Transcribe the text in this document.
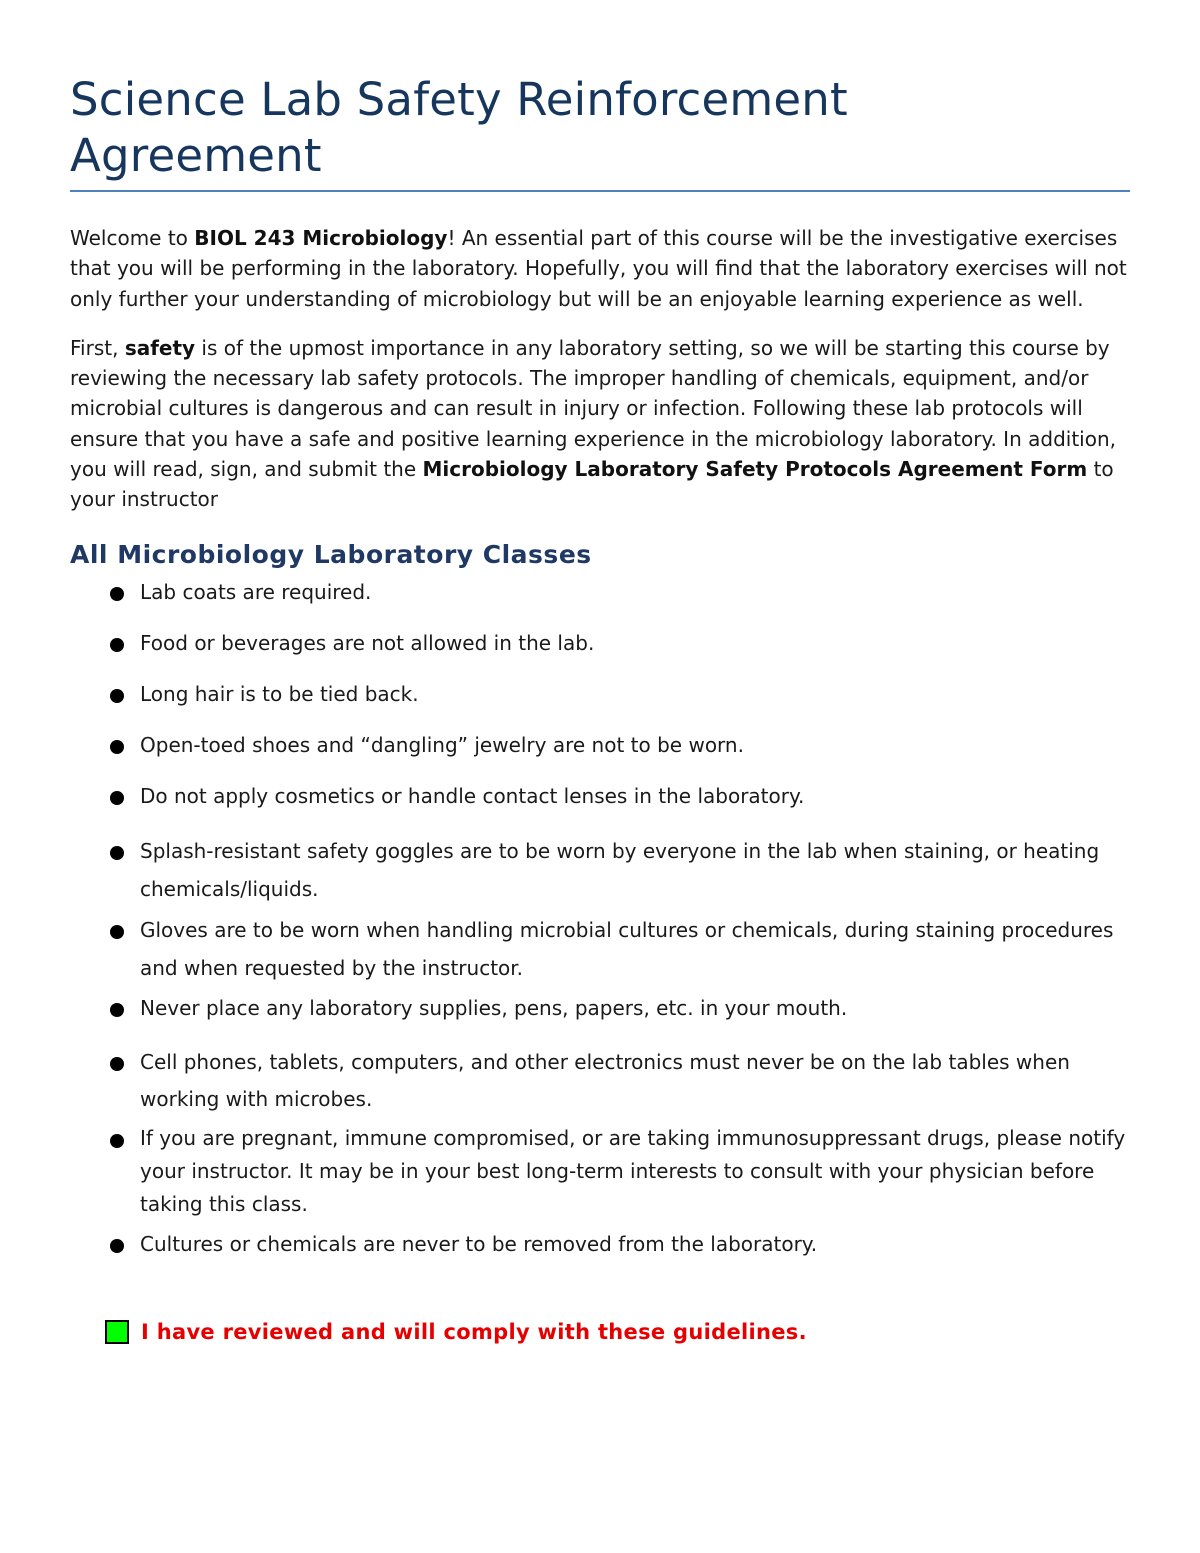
Science Lab Safety Reinforcement
Agreement

Welcome to BIOL 243 Microbiology! An essential part of this course will be the investigative exercises that you will be performing in the laboratory. Hopefully, you will find that the laboratory exercises will not only further your understanding of microbiology but will be an enjoyable learning experience as well.

First, safety is of the upmost importance in any laboratory setting, so we will be starting this course by reviewing the necessary lab safety protocols. The improper handling of chemicals, equipment, and/or microbial cultures is dangerous and can result in injury or infection. Following these lab protocols will ensure that you have a safe and positive learning experience in the microbiology laboratory. In addition, you will read, sign, and submit the Microbiology Laboratory Safety Protocols Agreement Form to your instructor

All Microbiology Laboratory Classes
Lab coats are required.
Food or beverages are not allowed in the lab.
Long hair is to be tied back.
Open-toed shoes and “dangling” jewelry are not to be worn.
Do not apply cosmetics or handle contact lenses in the laboratory.
Splash-resistant safety goggles are to be worn by everyone in the lab when staining, or heating chemicals/liquids.
Gloves are to be worn when handling microbial cultures or chemicals, during staining procedures and when requested by the instructor.
Never place any laboratory supplies, pens, papers, etc. in your mouth.
Cell phones, tablets, computers, and other electronics must never be on the lab tables when working with microbes.
If you are pregnant, immune compromised, or are taking immunosuppressant drugs, please notify your instructor. It may be in your best long-term interests to consult with your physician before taking this class.
Cultures or chemicals are never to be removed from the laboratory.
I have reviewed and will comply with these guidelines.
